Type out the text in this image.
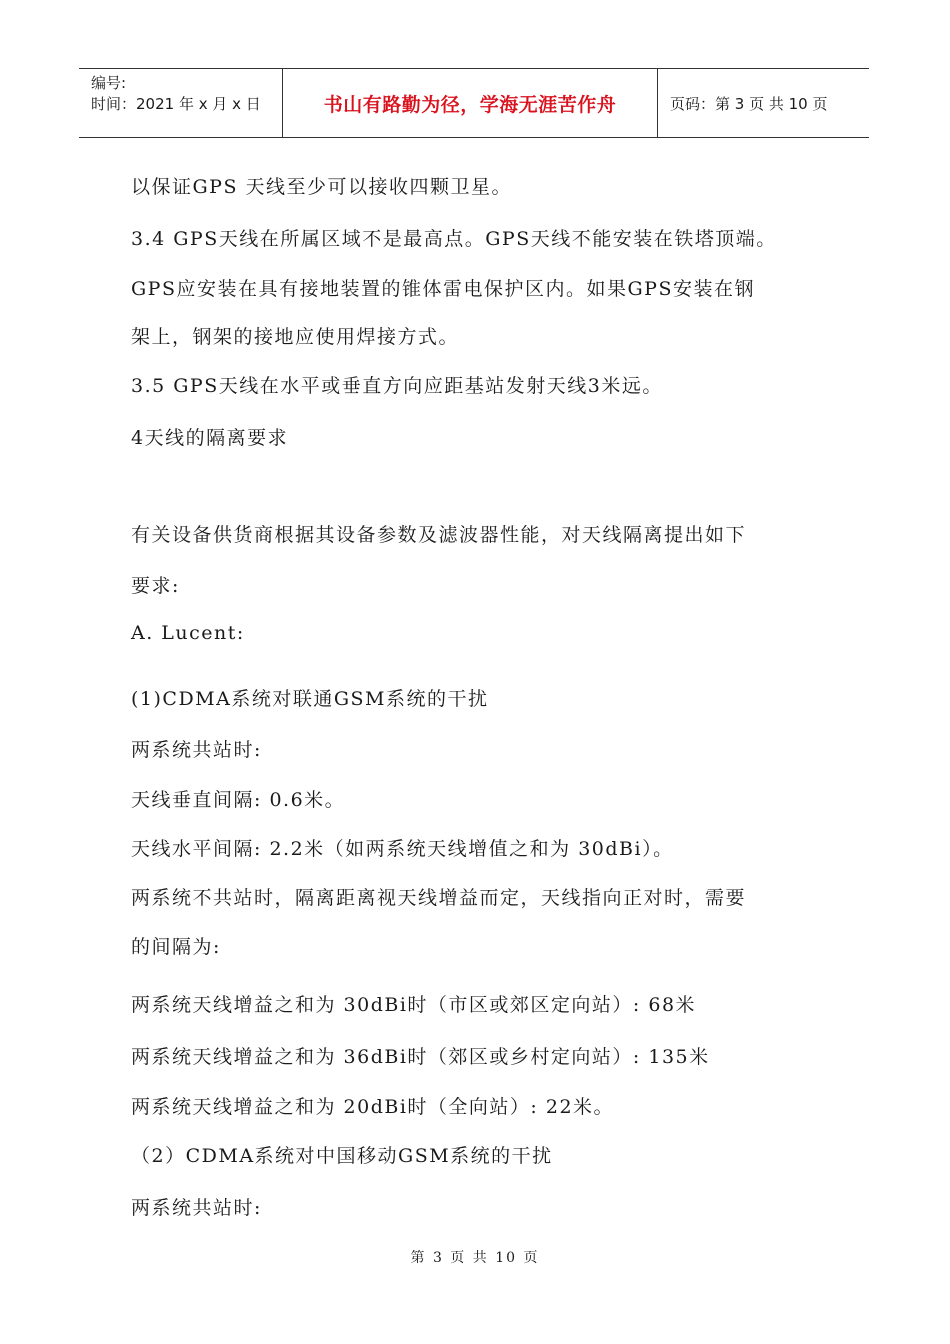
编号:
时间：2021 年 x 月 x 日	书山有路勤为径，学海无涯苦作舟	页码：第 3 页 共 10 页
以保证GPS 天线至少可以接收四颗卫星。
3.4 GPS天线在所属区域不是最高点。GPS天线不能安装在铁塔顶端。
GPS应安装在具有接地装置的锥体雷电保护区内。如果GPS安装在钢
架上，钢架的接地应使用焊接方式。
3.5 GPS天线在水平或垂直方向应距基站发射天线3米远。
4天线的隔离要求
有关设备供货商根据其设备参数及滤波器性能，对天线隔离提出如下
要求:
A. Lucent:
(1)CDMA系统对联通GSM系统的干扰
两系统共站时:
天线垂直间隔: 0.6米。
天线水平间隔: 2.2米（如两系统天线增值之和为 30dBi）。
两系统不共站时，隔离距离视天线增益而定，天线指向正对时，需要
的间隔为:
两系统天线增益之和为 30dBi时（市区或郊区定向站）: 68米
两系统天线增益之和为 36dBi时（郊区或乡村定向站）: 135米
两系统天线增益之和为 20dBi时（全向站）: 22米。
（2）CDMA系统对中国移动GSM系统的干扰
两系统共站时:
第 3 页 共 10 页
